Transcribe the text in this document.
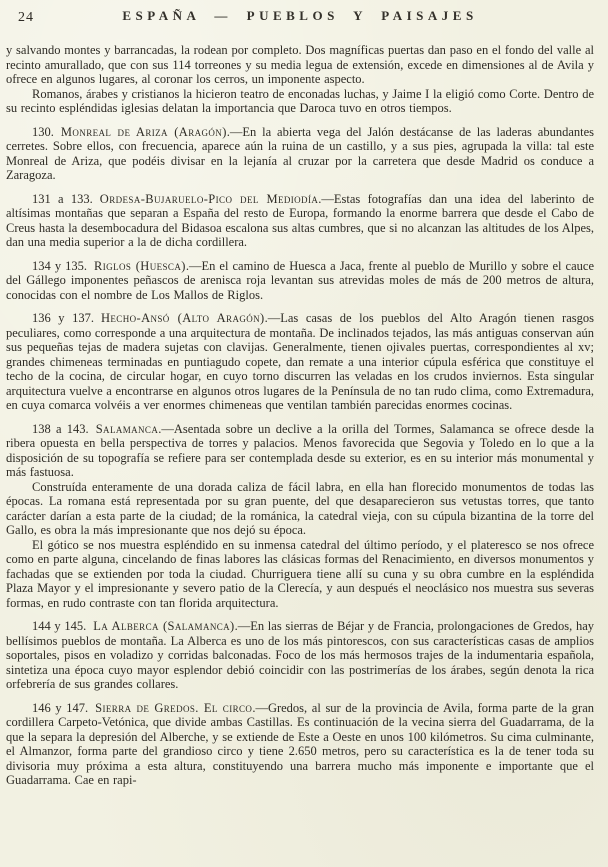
24	ESPAÑA — PUEBLOS Y PAISAJES

y salvando montes y barrancadas, la rodean por completo. Dos magníficas puertas dan paso en el fondo del valle al recinto amurallado, que con sus 114 torreones y su media legua de extensión, excede en dimensiones al de Avila y ofrece en algunos lugares, al coronar los cerros, un imponente aspecto.

Romanos, árabes y cristianos la hicieron teatro de enconadas luchas, y Jaime I la eligió como Corte. Dentro de su recinto espléndidas iglesias delatan la importancia que Daroca tuvo en otros tiempos.

130. Monreal de Ariza (Aragón).—En la abierta vega del Jalón destácanse de las laderas abundantes cerretes. Sobre ellos, con frecuencia, aparece aún la ruina de un castillo, y a sus pies, agrupada la villa: tal este Monreal de Ariza, que podéis divisar en la lejanía al cruzar por la carretera que desde Madrid os conduce a Zaragoza.

131 a 133. Ordesa-Bujaruelo-Pico del Mediodía.—Estas fotografías dan una idea del laberinto de altísimas montañas que separan a España del resto de Europa, formando la enorme barrera que desde el Cabo de Creus hasta la desembocadura del Bidasoa escalona sus altas cumbres, que si no alcanzan las altitudes de los Alpes, dan una media superior a la de dicha cordillera.

134 y 135. Riglos (Huesca).—En el camino de Huesca a Jaca, frente al pueblo de Murillo y sobre el cauce del Gállego imponentes peñascos de arenisca roja levantan sus atrevidas moles de más de 200 metros de altura, conocidas con el nombre de Los Mallos de Riglos.

136 y 137. Hecho-Ansó (Alto Aragón).—Las casas de los pueblos del Alto Aragón tienen rasgos peculiares, como corresponde a una arquitectura de montaña. De inclinados tejados, las más antiguas conservan aún sus pequeñas tejas de madera sujetas con clavijas. Generalmente, tienen ojivales puertas, correspondientes al xv; grandes chimeneas terminadas en puntiagudo copete, dan remate a una interior cúpula esférica que constituye el techo de la cocina, de circular hogar, en cuyo torno discurren las veladas en los crudos inviernos. Esta singular arquitectura vuelve a encontrarse en algunos otros lugares de la Península de no tan rudo clima, como Extremadura, en cuya comarca volvéis a ver enormes chimeneas que ventilan también parecidas enormes cocinas.

138 a 143. Salamanca.—Asentada sobre un declive a la orilla del Tormes, Salamanca se ofrece desde la ribera opuesta en bella perspectiva de torres y palacios. Menos favorecida que Segovia y Toledo en lo que a la disposición de su topografía se refiere para ser contemplada desde su exterior, es en su interior más monumental y más fastuosa.

Construída enteramente de una dorada caliza de fácil labra, en ella han florecido monumentos de todas las épocas. La romana está representada por su gran puente, del que desaparecieron sus vetustas torres, que tanto carácter darían a esta parte de la ciudad; de la románica, la catedral vieja, con su cúpula bizantina de la torre del Gallo, es obra la más impresionante que nos dejó su época.

El gótico se nos muestra espléndido en su inmensa catedral del último período, y el plateresco se nos ofrece como en parte alguna, cincelando de finas labores las clásicas formas del Renacimiento, en diversos monumentos y fachadas que se extienden por toda la ciudad. Churriguera tiene allí su cuna y su obra cumbre en la espléndida Plaza Mayor y el impresionante y severo patio de la Clerecía, y aun después el neoclásico nos muestra sus severas formas, en rudo contraste con tan florida arquitectura.

144 y 145. La Alberca (Salamanca).—En las sierras de Béjar y de Francia, prolongaciones de Gredos, hay bellísimos pueblos de montaña. La Alberca es uno de los más pintorescos, con sus características casas de amplios soportales, pisos en voladizo y corridas balconadas. Foco de los más hermosos trajes de la indumentaria española, sintetiza una época cuyo mayor esplendor debió coincidir con las postrimerías de los árabes, según denota la rica orfebrería de sus grandes collares.

146 y 147. Sierra de Gredos. El circo.—Gredos, al sur de la provincia de Avila, forma parte de la gran cordillera Carpeto-Vetónica, que divide ambas Castillas. Es continuación de la vecina sierra del Guadarrama, de la que la separa la depresión del Alberche, y se extiende de Este a Oeste en unos 100 kilómetros. Su cima culminante, el Almanzor, forma parte del grandioso circo y tiene 2.650 metros, pero su característica es la de tener toda su divisoria muy próxima a esta altura, constituyendo una barrera mucho más imponente e importante que el Guadarrama. Cae en rapi-
